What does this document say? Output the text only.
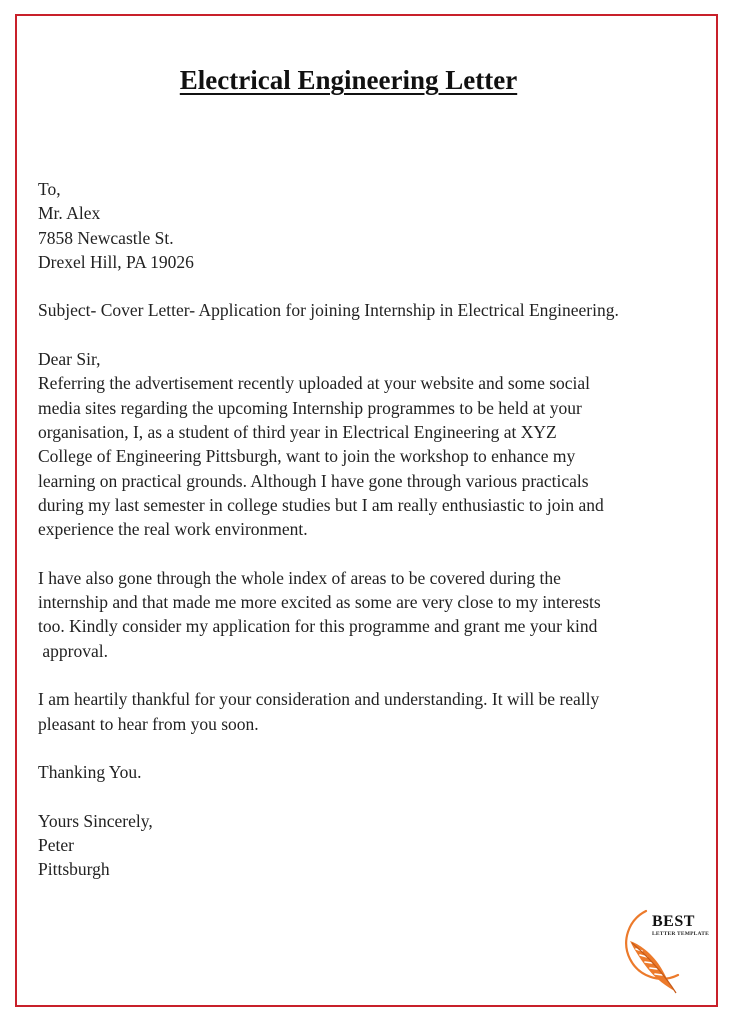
Electrical Engineering Letter
To,
Mr. Alex
7858 Newcastle St.
Drexel Hill, PA 19026
Subject- Cover Letter- Application for joining Internship in Electrical Engineering.
Dear Sir,
Referring the advertisement recently uploaded at your website and some social
media sites regarding the upcoming Internship programmes to be held at your
organisation, I, as a student of third year in Electrical Engineering at XYZ
College of Engineering Pittsburgh, want to join the workshop to enhance my
learning on practical grounds. Although I have gone through various practicals
during my last semester in college studies but I am really enthusiastic to join and
experience the real work environment.
I have also gone through the whole index of areas to be covered during the
internship and that made me more excited as some are very close to my interests
too. Kindly consider my application for this programme and grant me your kind
approval.
I am heartily thankful for your consideration and understanding. It will be really
pleasant to hear from you soon.
Thanking You.
Yours Sincerely,
Peter
Pittsburgh
BEST
LETTER TEMPLATE
